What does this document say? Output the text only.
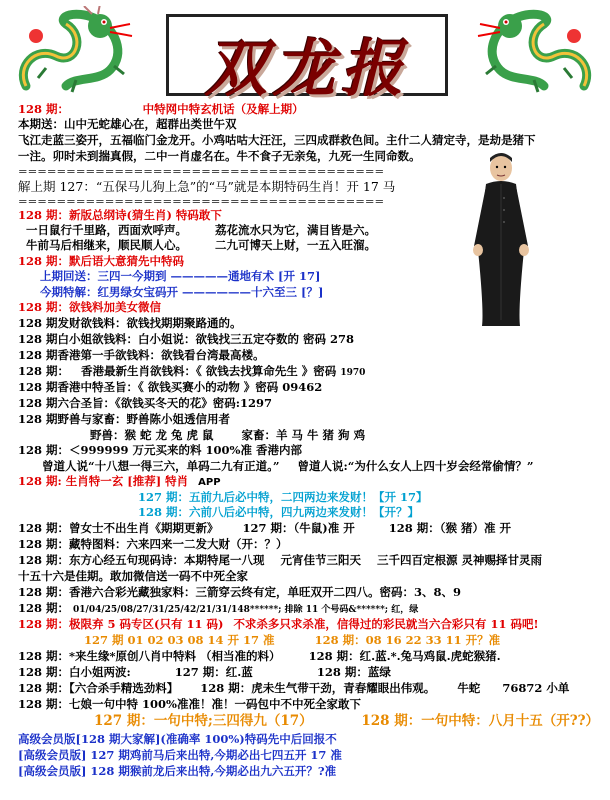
双龙报
128 期：	中特网中特玄机话（及解上期）
本期送：山中无蛇雄心在，超群出类世午双
飞江走蓝三姿开，五福临门金龙开。小鸡咕咕大汪汪，三四成群救色间。主什二人猜定寺，是劫是猪下
一注。卯时未到揣真假，二中一肖虚名在。牛不食子无亲兔，九死一生同命数。
======================================
解上期 127：“五保马儿狗上急”的“马”就是本期特码生肖！开 17 马
======================================
128 期：新版总纲诗(猜生肖) 特码敢下
一日鼠行千里路，西面欢呼声。 荔花流水只为它，满目皆是六。
牛前马后相继来，顺民顺人心。 二九可博天上财，一五入旺溜。
128 期：默后语大意猜先中特码
上期回送：三四一今期到 —————通地有术 [开 17]
今期特解：红男绿女宝码开 ——————十六至三 [？]
128 期：欲钱料加美女微信
128 期发财欲钱料：欲钱找期期聚路通的。
128 期白小姐欲钱料：白小姐说：欲钱找三五定夺数的 密码 278
128 期香港第一手欲钱料：欲钱看台湾最高楼。
128 期： 香港最新生肖欲钱料：《 欲钱去找算命先生 》密码 1970
128 期香港中特圣旨：《 欲钱买赛小的动物 》密码 09462
128 期六合圣旨：《欲钱买冬天的花》密码:1297
128 期野兽与家畜：野兽陈小姐透信用者
野兽：猴 蛇 龙 兔 虎 鼠 家畜：羊 马 牛 猪 狗 鸡
128 期：＜999999 万元买来的料 100%准 香港内部
曾道人说“十八想一得三六，单码二九有正道。” 曾道人说:“为什么女人上四十岁会经常偷情？”
128 期: 生肖特一玄 [推荐] 特肖 APP
127 期：五前九后必中特，二四两边来发财！【开 17】
128 期：六前八后必中特，四九两边来发财！【开？】
128 期：曾女士不出生肖《期期更新》 127 期：（牛鼠)准 开	128 期：（猴 猪）准 开
128 期：藏特图料：六来四来一二发大财（开：？）
128 期：东方心经五句现码诗：本期特尾一八现 元宵佳节三阳天 三千四百定根源 灵神赐择甘灵雨
十五十六是佳期。敢加微信送一码不中死全家
128 期：香港六合彩光藏独家料：三箭穿云终有定，单旺双开二四八。密码：3、8、9
128 期： 01/04/25/08/27/31/25/42/21/31/148******; 排除 11 个号码&******; 红，绿
128 期：极限弃 5 码专区(只有 11 码) 不求杀多只求杀准，信得过的彩民就当六合彩只有 11 码吧!
127 期 01 02 03 08 14 开 17 准	128 期：08 16 22 33 11 开？准
128 期：*来生缘*原创八肖中特料 （相当准的料） 128 期：红.蓝.*.兔马鸡鼠.虎蛇猴猪.
128 期：白小姐两波:	127 期：红.蓝	128 期：蓝绿
128 期：【六合杀手精选劲料】 128 期：虎未生气带干劲，青春耀眼出伟观。 牛蛇 76872 小单
128 期：七娘一句中特 100%准准！准！一码包中不中死全家敢下
127 期：一句中特;三四得九（17）	128 期：一句中特：八月十五（开??）
高级会员版[128 期大家解](准确率 100%)特码先中后回报不
[高级会员版] 127 期鸡前马后来出特,今期必出七四五开 17 准
[高级会员版] 128 期猴前龙后来出特,今期必出九六五开？?准
